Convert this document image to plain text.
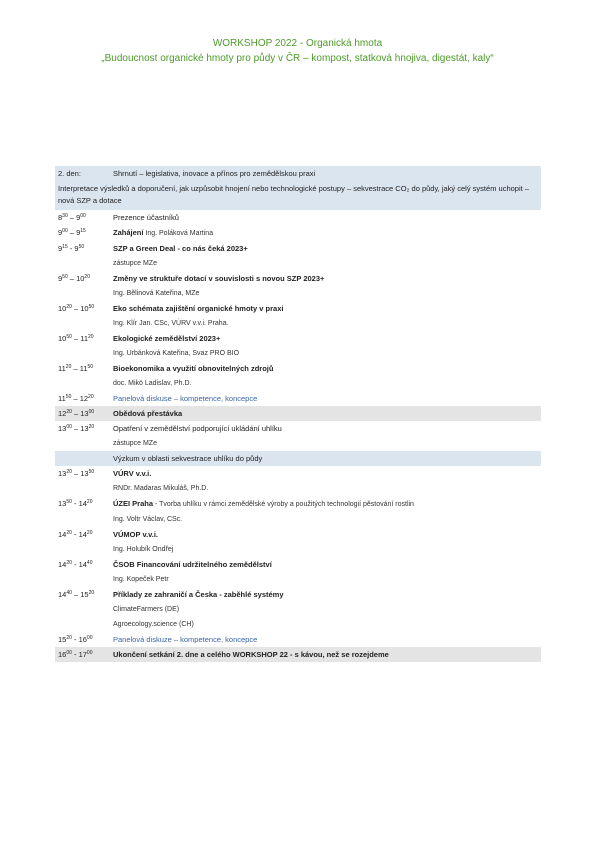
WORKSHOP 2022 - Organická hmota
„Budoucnost organické hmoty pro půdy v ČR – kompost, statková hnojiva, digestát, kaly“
2. den:	Shrnutí – legislativa, inovace a přínos pro zemědělskou praxi
Interpretace výsledků a doporučení, jak uzpůsobit hnojení nebo technologické postupy – sekvestrace CO₂ do půdy, jaký celý systém uchopit – nová SZP a dotace
$8^{30} - 9^{00}$	Prezence účastníků
$9^{00} - 9^{15}$	Zahájení Ing. Poláková Martina
$9^{15} - 9^{50}$	SZP a Green Deal - co nás čeká 2023+
zástupce MZe
$9^{50} - 10^{20}$	Změny ve struktuře dotací v souvislosti s novou SZP 2023+
Ing. Bělinová Kateřina, MZe
$10^{20} - 10^{50}$	Eko schémata zajištění organické hmoty v praxi
Ing. Klír Jan. CSc, VÚRV v.v.i. Praha.
$10^{50} - 11^{20}$	Ekologické zemědělství 2023+
Ing. Urbánková Kateřina, Svaz PRO BIO
$11^{20} - 11^{50}$	Bioekonomika a využití obnovitelných zdrojů
doc. Mikö Ladislav, Ph.D.
$11^{50} - 12^{20}$	Panelová diskuse – kompetence, koncepce
$12^{20} - 13^{00}$	Obědová přestávka
$13^{00} - 13^{20}$	Opatření v zemědělství podporující ukládání uhlíku
zástupce MZe
Výzkum v oblasti sekvestrace uhlíku do půdy
$13^{20} - 13^{50}$	VÚRV v.v.i.
RNDr. Madaras Mikuláš, Ph.D.
$13^{50} - 14^{20}$	ÚZEI Praha - Tvorba uhlíku v rámci zemědělské výroby a použitých technologií pěstování rostlin
Ing. Voltr Václav, CSc.
$14^{20} - 14^{20}$	VÚMOP v.v.i.
Ing. Holubík Ondřej
$14^{20} - 14^{40}$	ČSOB Financování udržitelného zemědělství
Ing. Kopeček Petr
$14^{40} - 15^{20}$	Příklady ze zahraničí a Česka - zaběhlé systémy
ClimateFarmers (DE)
Agroecology.science (CH)
$15^{20} - 16^{00}$	Panelová diskuze – kompetence, koncepce
$16^{00} - 17^{00}$	Ukončení setkání 2. dne a celého WORKSHOP 22 - s kávou, než se rozejdeme
